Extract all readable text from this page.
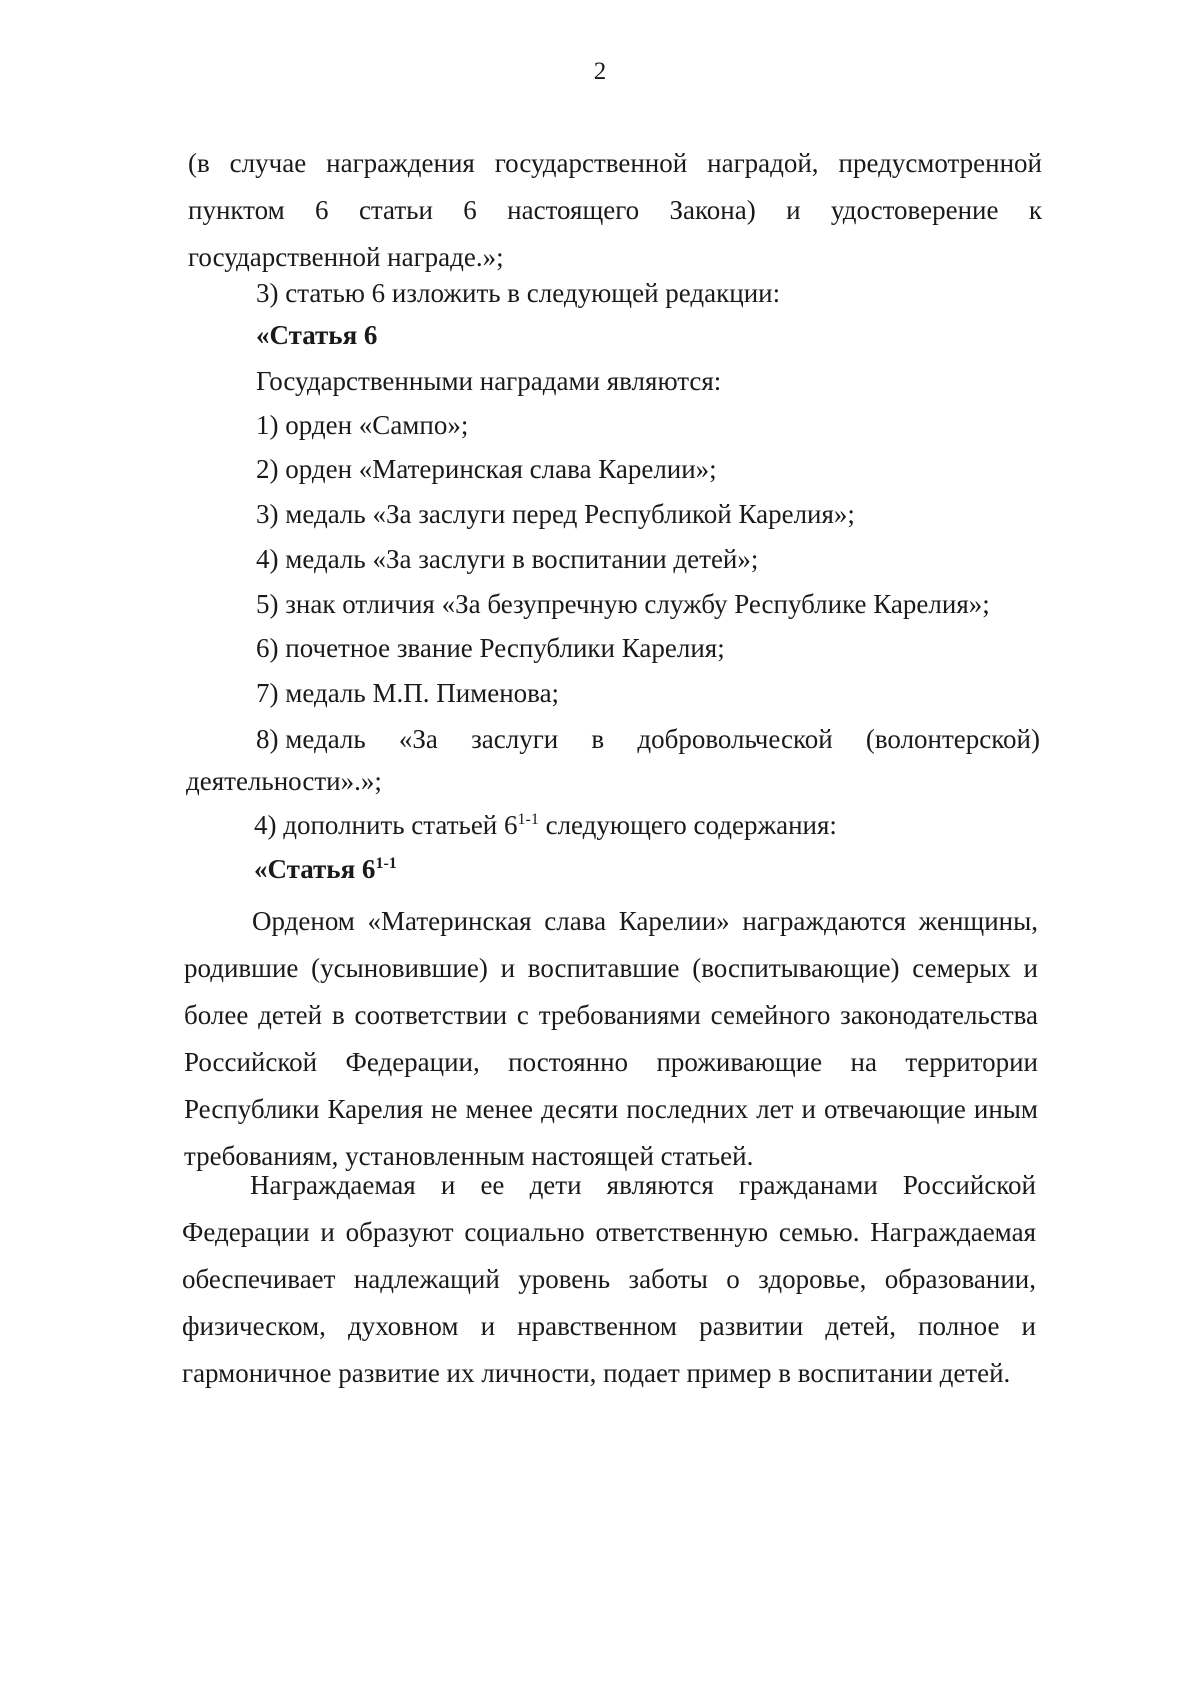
2
(в случае награждения государственной наградой, предусмотренной пунктом 6 статьи 6 настоящего Закона) и удостоверение к государственной награде.»;
3) статью 6 изложить в следующей редакции:
«Статья 6
Государственными наградами являются:
1) орден «Сампо»;
2) орден «Материнская слава Карелии»;
3) медаль «За заслуги перед Республикой Карелия»;
4) медаль «За заслуги в воспитании детей»;
5) знак отличия «За безупречную службу Республике Карелия»;
6) почетное звание Республики Карелия;
7) медаль М.П. Пименова;
8) медаль «За заслуги в добровольческой (волонтерской)
деятельности».»;
4) дополнить статьей 6$^{1-1}$ следующего содержания:
«Статья 6$^{1-1}$
Орденом «Материнская слава Карелии» награждаются женщины, родившие (усыновившие) и воспитавшие (воспитывающие) семерых и более детей в соответствии с требованиями семейного законодательства Российской Федерации, постоянно проживающие на территории Республики Карелия не менее десяти последних лет и отвечающие иным требованиям, установленным настоящей статьей.
Награждаемая и ее дети являются гражданами Российской Федерации и образуют социально ответственную семью. Награждаемая обеспечивает надлежащий уровень заботы о здоровье, образовании, физическом, духовном и нравственном развитии детей, полное и гармоничное развитие их личности, подает пример в воспитании детей.
